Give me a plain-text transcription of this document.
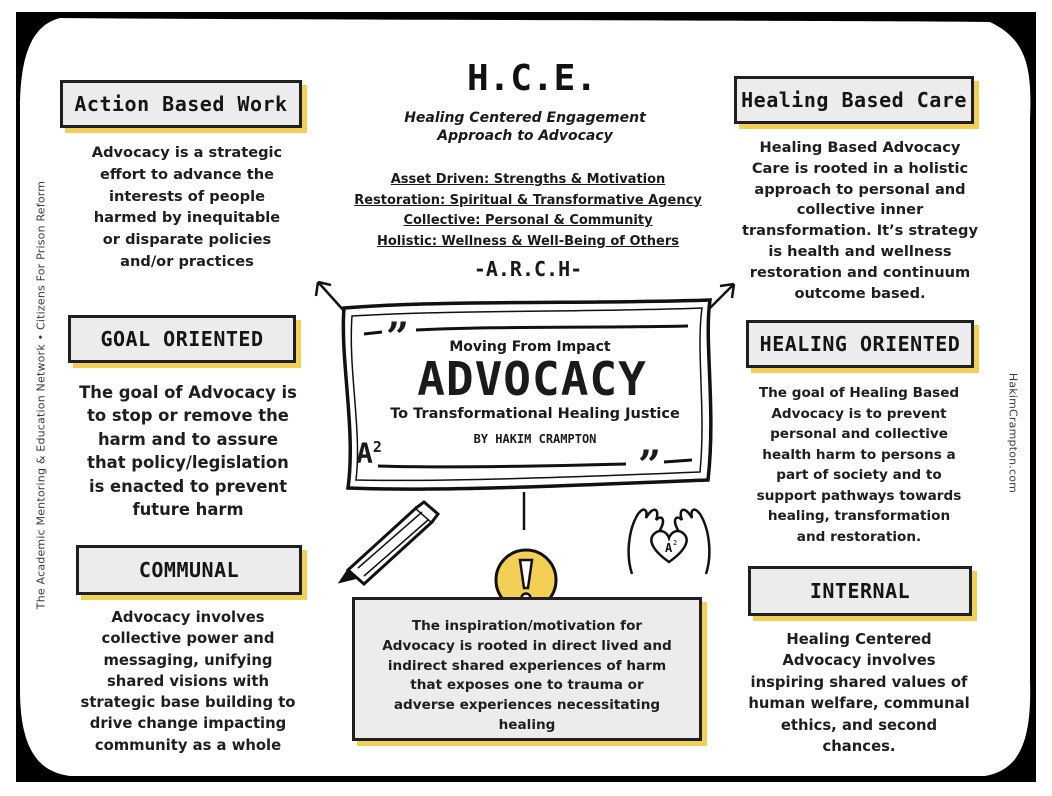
The Academic Mentoring & Education Network • Citizens For Prison Reform	HakimCrampton.com
H.C.E.
Healing Centered Engagement
Approach to Advocacy
Asset Driven: Strengths & Motivation
Restoration: Spiritual & Transformative Agency
Collective: Personal & Community
Holistic: Wellness & Well-Being of Others
-A.R.C.H-
”
”
Moving From Impact
ADVOCACY
To Transformational Healing Justice
BY HAKIM CRAMPTON
$A^2$
A 2
Action Based Work
Advocacy is a strategic
effort to advance the
interests of people
harmed by inequitable
or disparate policies
and/or practices
GOAL ORIENTED
The goal of Advocacy is
to stop or remove the
harm and to assure
that policy/legislation
is enacted to prevent
future harm
COMMUNAL
Advocacy involves
collective power and
messaging, unifying
shared visions with
strategic base building to
drive change impacting
community as a whole
Healing Based Care
Healing Based Advocacy
Care is rooted in a holistic
approach to personal and
collective inner
transformation. It’s strategy
is health and wellness
restoration and continuum
outcome based.
HEALING ORIENTED
The goal of Healing Based
Advocacy is to prevent
personal and collective
health harm to persons a
part of society and to
support pathways towards
healing, transformation
and restoration.
INTERNAL
Healing Centered
Advocacy involves
inspiring shared values of
human welfare, communal
ethics, and second
chances.
The inspiration/motivation for
Advocacy is rooted in direct lived and
indirect shared experiences of harm
that exposes one to trauma or
adverse experiences necessitating
healing
